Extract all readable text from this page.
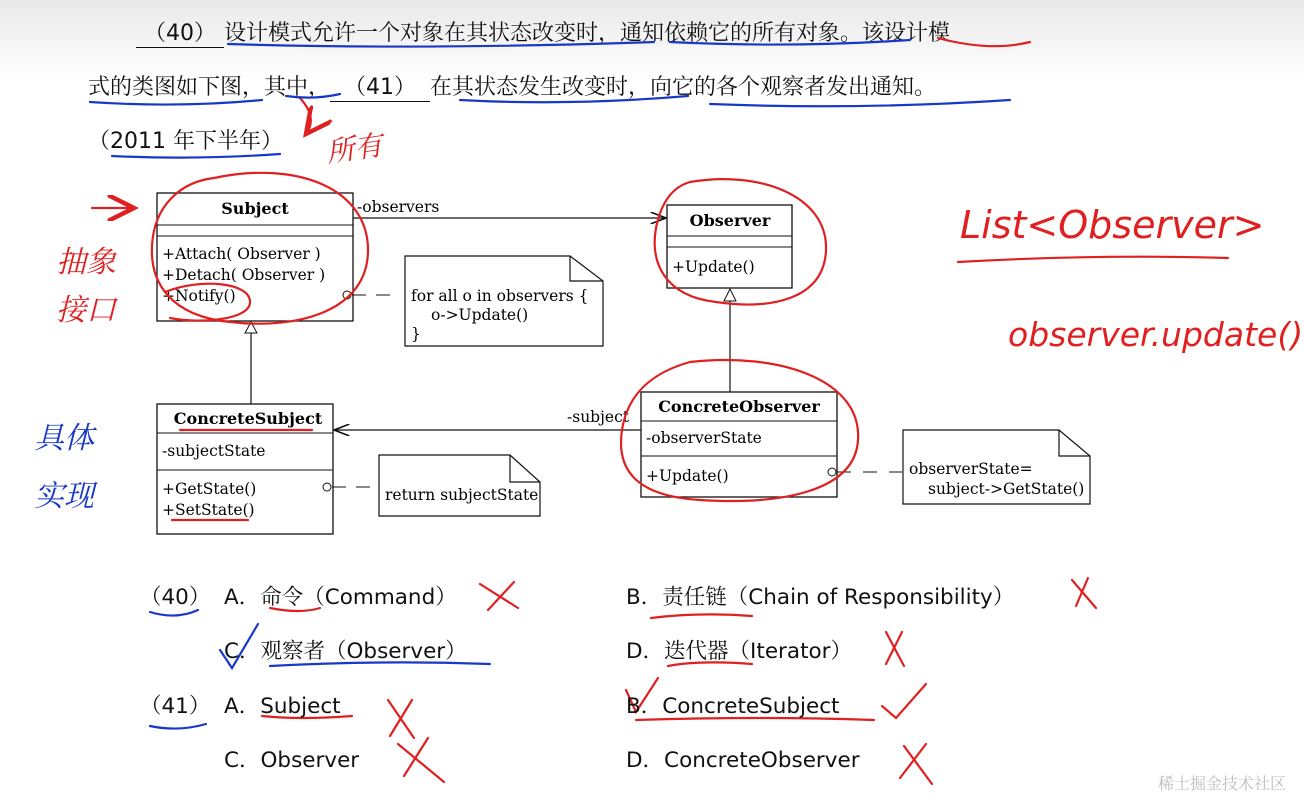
（40） 设计模式允许一个对象在其状态改变时，通知依赖它的所有对象。该设计模
式的类图如下图，其中， （41） 在其状态发生改变时，向它的各个观察者发出通知。
（2011 年下半年）
Subject
+Attach( Observer )
+Detach( Observer )
+Notify()
Observer
+Update()
ConcreteSubject
-subjectState
+GetState()
+SetState()
ConcreteObserver
-observerState
+Update()
-observers
-subject
for all o in observers {
o->Update()
}
return subjectState
observerState=
subject->GetState()
所有
List<Observer>
observer.update()
抽象
接口
具体
实现
（40） A．命令（Command）	B．责任链（Chain of Responsibility）
C．观察者（Observer）	D．迭代器（Iterator）
（41） A．Subject	B．ConcreteSubject
C．Observer	D．ConcreteObserver
稀土掘金技术社区
